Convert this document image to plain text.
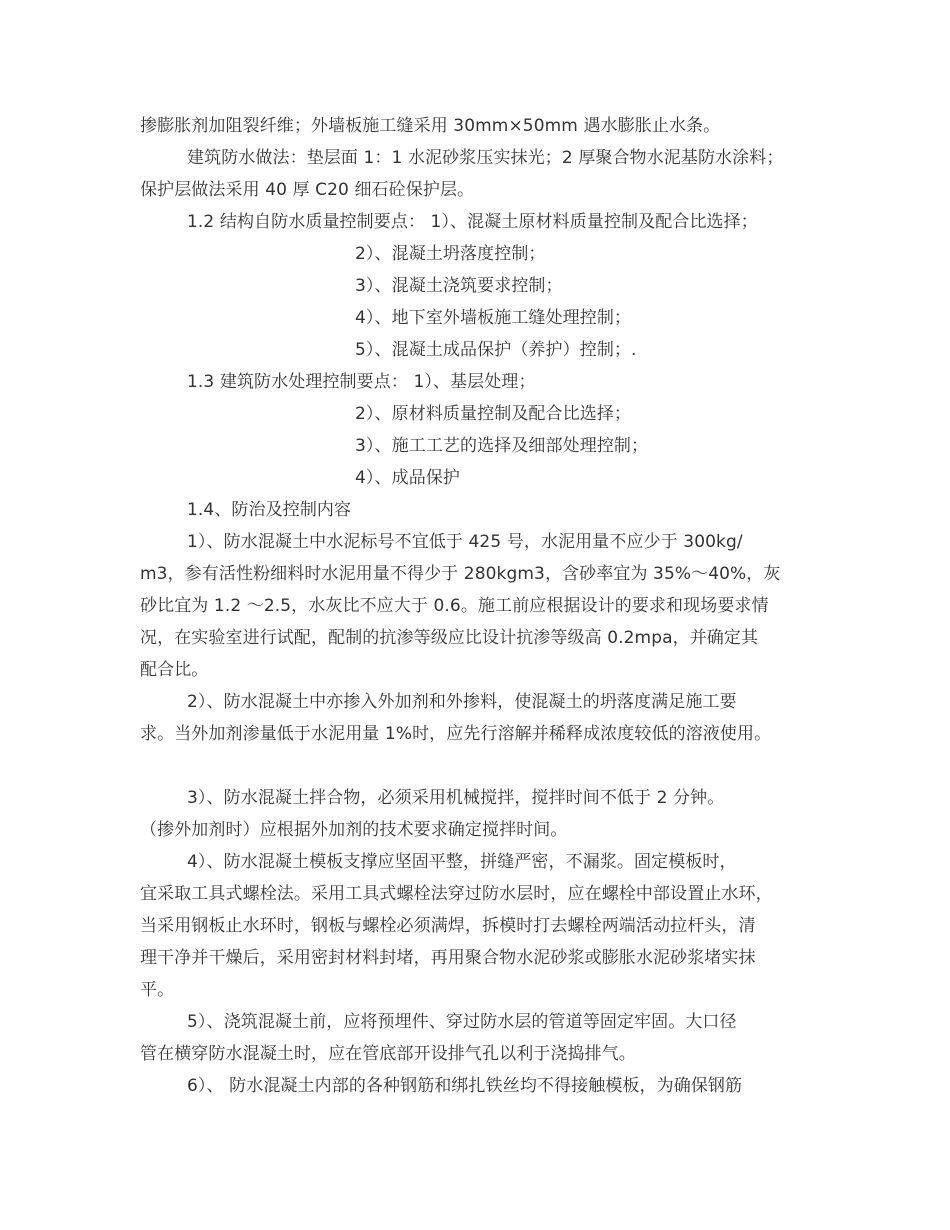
掺膨胀剂加阻裂纤维；外墙板施工缝采用 30mm×50mm 遇水膨胀止水条。
建筑防水做法：垫层面 1：1 水泥砂浆压实抹光；2 厚聚合物水泥基防水涂料；
保护层做法采用 40 厚 C20 细石砼保护层。
1.2 结构自防水质量控制要点： 1）、混凝土原材料质量控制及配合比选择；
2）、混凝土坍落度控制；
3）、混凝土浇筑要求控制；
4）、地下室外墙板施工缝处理控制；
5）、混凝土成品保护（养护）控制；.
1.3 建筑防水处理控制要点： 1）、基层处理；
2）、原材料质量控制及配合比选择；
3）、施工工艺的选择及细部处理控制；
4）、成品保护
1.4、防治及控制内容
1）、防水混凝土中水泥标号不宜低于 425 号，水泥用量不应少于 300kg/
m3，参有活性粉细料时水泥用量不得少于 280kgm3，含砂率宜为 35%～40%，灰
砂比宜为 1.2 ～2.5，水灰比不应大于 0.6。施工前应根据设计的要求和现场要求情
况，在实验室进行试配，配制的抗渗等级应比设计抗渗等级高 0.2mpa，并确定其
配合比。
2）、防水混凝土中亦掺入外加剂和外掺料，使混凝土的坍落度满足施工要
求。当外加剂渗量低于水泥用量 1%时，应先行溶解并稀释成浓度较低的溶液使用。
3）、防水混凝土拌合物，必须采用机械搅拌，搅拌时间不低于 2 分钟。
（掺外加剂时）应根据外加剂的技术要求确定搅拌时间。
4）、防水混凝土模板支撑应坚固平整，拼缝严密，不漏浆。固定模板时，
宜采取工具式螺栓法。采用工具式螺栓法穿过防水层时，应在螺栓中部设置止水环，
当采用钢板止水环时，钢板与螺栓必须满焊，拆模时打去螺栓两端活动拉杆头，清
理干净并干燥后，采用密封材料封堵，再用聚合物水泥砂浆或膨胀水泥砂浆堵实抹
平。
5）、浇筑混凝土前，应将预埋件、穿过防水层的管道等固定牢固。大口径
管在横穿防水混凝土时，应在管底部开设排气孔以利于浇捣排气。
6）、 防水混凝土内部的各种钢筋和绑扎铁丝均不得接触模板，为确保钢筋
